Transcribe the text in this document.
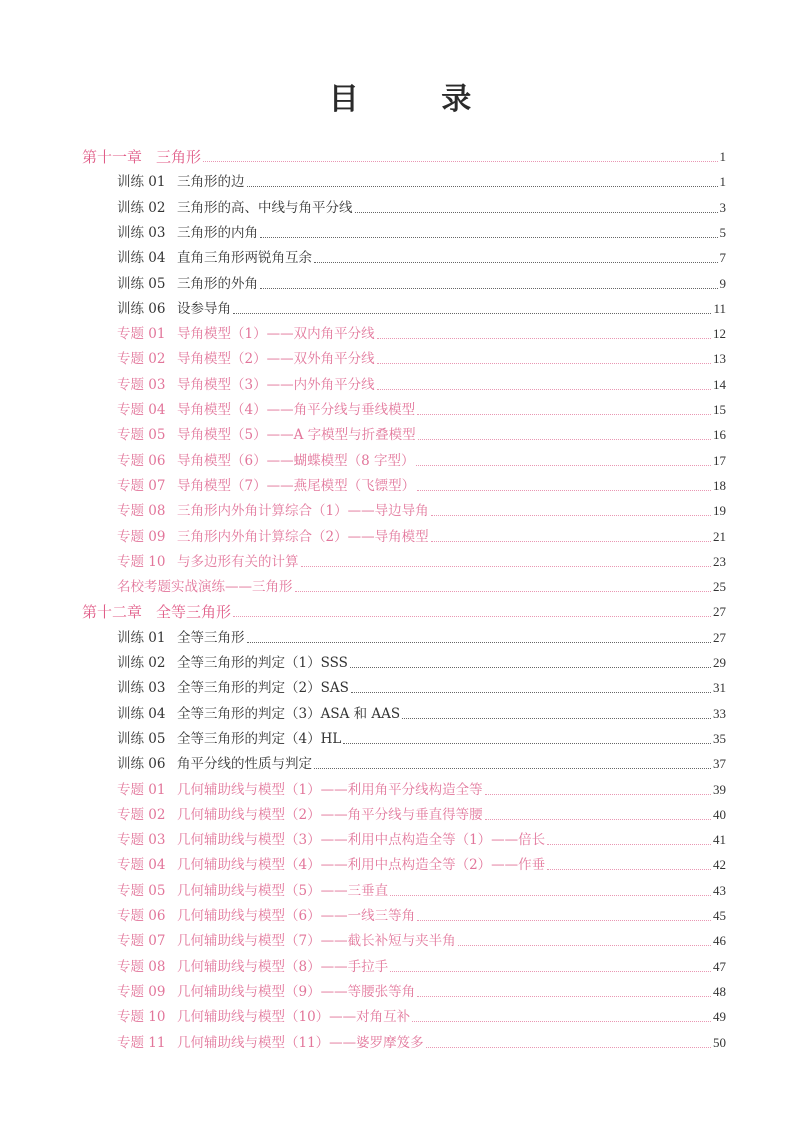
目 录
第十一章 三角形	1
训练 01 三角形的边	1
训练 02 三角形的高、中线与角平分线	3
训练 03 三角形的内角	5
训练 04 直角三角形两锐角互余	7
训练 05 三角形的外角	9
训练 06 设参导角	11
专题 01 导角模型（1）——双内角平分线	12
专题 02 导角模型（2）——双外角平分线	13
专题 03 导角模型（3）——内外角平分线	14
专题 04 导角模型（4）——角平分线与垂线模型	15
专题 05 导角模型（5）——A 字模型与折叠模型	16
专题 06 导角模型（6）——蝴蝶模型（8 字型）	17
专题 07 导角模型（7）——燕尾模型（飞镖型）	18
专题 08 三角形内外角计算综合（1）——导边导角	19
专题 09 三角形内外角计算综合（2）——导角模型	21
专题 10 与多边形有关的计算	23
名校考题实战演练——三角形	25
第十二章 全等三角形	27
训练 01 全等三角形	27
训练 02 全等三角形的判定（1）SSS	29
训练 03 全等三角形的判定（2）SAS	31
训练 04 全等三角形的判定（3）ASA 和 AAS	33
训练 05 全等三角形的判定（4）HL	35
训练 06 角平分线的性质与判定	37
专题 01 几何辅助线与模型（1）——利用角平分线构造全等	39
专题 02 几何辅助线与模型（2）——角平分线与垂直得等腰	40
专题 03 几何辅助线与模型（3）——利用中点构造全等（1）——倍长	41
专题 04 几何辅助线与模型（4）——利用中点构造全等（2）——作垂	42
专题 05 几何辅助线与模型（5）——三垂直	43
专题 06 几何辅助线与模型（6）——一线三等角	45
专题 07 几何辅助线与模型（7）——截长补短与夹半角	46
专题 08 几何辅助线与模型（8）——手拉手	47
专题 09 几何辅助线与模型（9）——等腰张等角	48
专题 10 几何辅助线与模型（10）——对角互补	49
专题 11 几何辅助线与模型（11）——婆罗摩笈多	50
